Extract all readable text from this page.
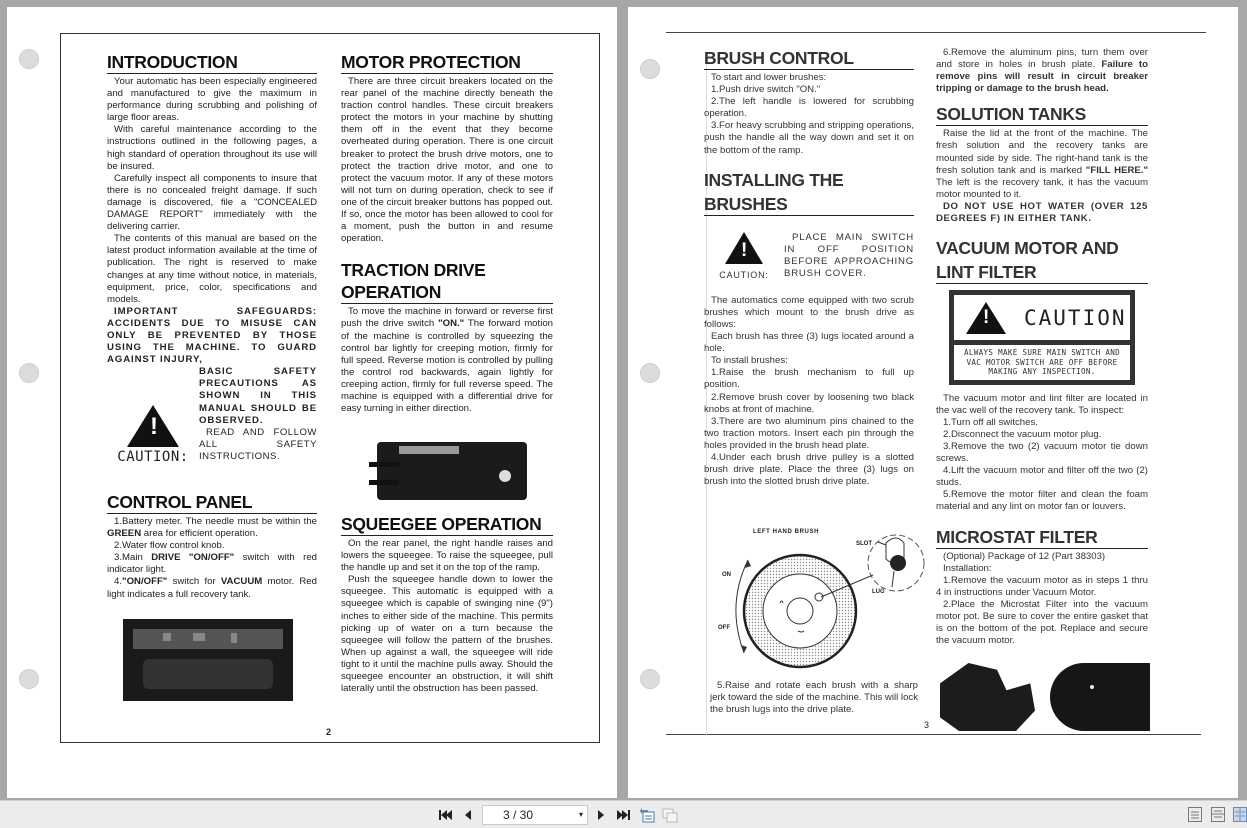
INTRODUCTION

Your automatic has been especially engineered and manufactured to give the maximum in performance during scrubbing and polishing of large floor areas.

With careful maintenance according to the instructions outlined in the following pages, a high standard of operation throughout its use will be insured.

Carefully inspect all components to insure that there is no concealed freight damage. If such damage is discovered, file a "CONCEALED DAMAGE REPORT" immediately with the delivering carrier.

The contents of this manual are based on the latest product information available at the time of publication. The right is reserved to make changes at any time without notice, in materials, equipment, price, color, specifications and models.

IMPORTANT SAFEGUARDS: ACCIDENTS DUE TO MISUSE CAN ONLY BE PREVENTED BY THOSE USING THE MACHINE. TO GUARD AGAINST INJURY,

!
CAUTION:

BASIC SAFETY PRECAUTIONS AS SHOWN IN THIS MANUAL SHOULD BE OBSERVED.

READ AND FOLLOW ALL SAFETY INSTRUCTIONS.

CONTROL PANEL

1.Battery meter. The needle must be within the GREEN area for efficient operation.

2.Water flow control knob.

3.Main DRIVE "ON/OFF" switch with red indicator light.

4."ON/OFF" switch for VACUUM motor. Red light indicates a full recovery tank.

MOTOR PROTECTION

There are three circuit breakers located on the rear panel of the machine directly beneath the traction control handles. These circuit breakers protect the motors in your machine by shutting them off in the event that they become overheated during operation. There is one circuit breaker to protect the brush drive motors, one to protect the traction drive motor, and one to protect the vacuum motor. If any of these motors will not turn on during operation, check to see if one of the circuit breaker buttons has popped out. If so, once the motor has been allowed to cool for a moment, push the button in and resume operation.

TRACTION DRIVE
OPERATION

To move the machine in forward or reverse first push the drive switch "ON." The forward motion of the machine is controlled by squeezing the control bar lightly for creeping motion, firmly for full speed. Reverse motion is controlled by pulling the control rod backwards, again lightly for creeping action, firmly for full reverse speed. The machine is equipped with a differential drive for easy turning in either direction.

SQUEEGEE OPERATION

On the rear panel, the right handle raises and lowers the squeegee. To raise the squeegee, pull the handle up and set it on the top of the ramp.

Push the squeegee handle down to lower the squeegee. This automatic is equipped with a squeegee which is capable of swinging nine (9") inches to either side of the machine. This permits picking up of water on a turn because the squeegee will follow the pattern of the brushes. When up against a wall, the squeegee will ride tight to it until the machine pulls away. Should the squeegee encounter an obstruction, it will shift laterally until the obstruction has been passed.

2
BRUSH CONTROL

To start and lower brushes:

1.Push drive switch "ON."

2.The left handle is lowered for scrubbing operation.

3.For heavy scrubbing and stripping operations, push the handle all the way down and set it on the bottom of the ramp.

INSTALLING THE
BRUSHES
!
CAUTION:

PLACE MAIN SWITCH IN OFF POSITION BEFORE APPROACHING BRUSH COVER.

The automatics come equipped with two scrub brushes which mount to the brush drive as follows:

Each brush has three (3) lugs located around a hole.

To install brushes:

1.Raise the brush mechanism to full up position.

2.Remove brush cover by loosening two black knobs at front of machine.

3.There are two aluminum pins chained to the two traction motors. Insert each pin through the holes provided in the brush head plate.

4.Under each brush drive pulley is a slotted brush drive plate. Place the three (3) lugs on brush into the slotted brush drive plate.

LEFT HAND BRUSH
ON
OFF
SLOT
LUG

5.Raise and rotate each brush with a sharp jerk toward the side of the machine. This will lock the brush lugs into the drive plate.

6.Remove the aluminum pins, turn them over and store in holes in brush plate. Failure to remove pins will result in circuit breaker tripping or damage to the brush head.

SOLUTION TANKS

Raise the lid at the front of the machine. The fresh solution and the recovery tanks are mounted side by side. The right-hand tank is the fresh solution tank and is marked "FILL HERE." The left is the recovery tank, it has the vacuum motor mounted to it.

DO NOT USE HOT WATER (OVER 125 DEGREES F) IN EITHER TANK.

VACUUM MOTOR AND
LINT FILTER
! CAUTION
ALWAYS MAKE SURE MAIN SWITCH AND VAC MOTOR SWITCH ARE OFF BEFORE MAKING ANY INSPECTION.

The vacuum motor and lint filter are located in the vac well of the recovery tank. To inspect:

1.Turn off all switches.

2.Disconnect the vacuum motor plug.

3.Remove the two (2) vacuum motor tie down screws.

4.Lift the vacuum motor and filter off the two (2) studs.

5.Remove the motor filter and clean the foam material and any lint on motor fan or louvers.

MICROSTAT FILTER

(Optional) Package of 12 (Part 38303)

Installation:

1.Remove the vacuum motor as in steps 1 thru 4 in instructions under Vacuum Motor.

2.Place the Microstat Filter into the vacuum motor pot. Be sure to cover the entire gasket that is on the bottom of the pot. Replace and secure the vacuum motor.

3
3 / 30	▾
